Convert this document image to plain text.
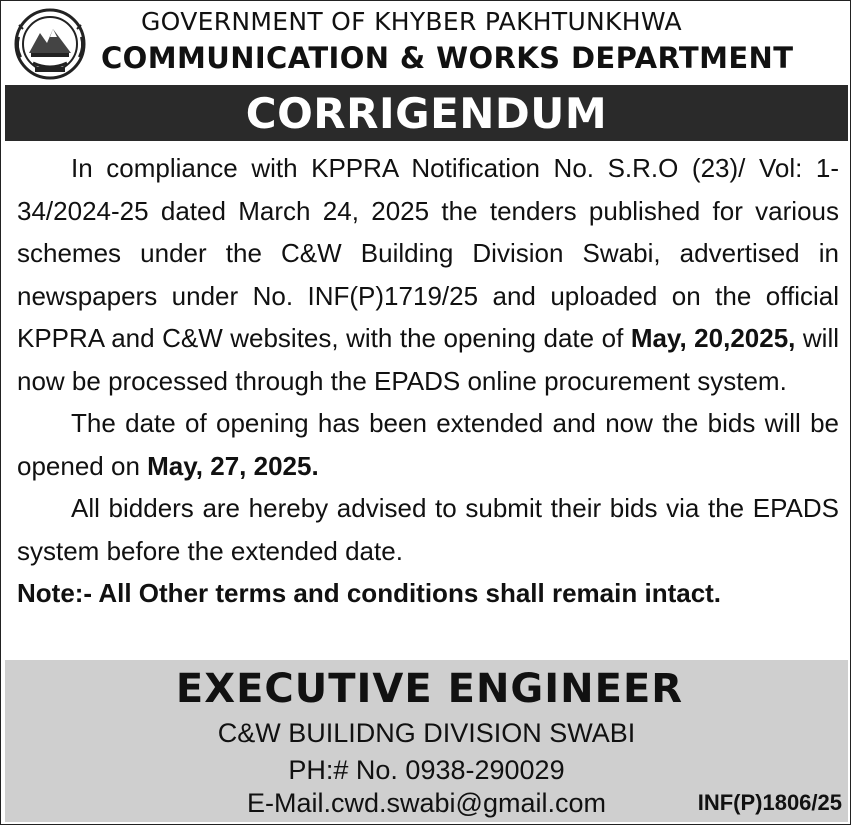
GOVERNMENT OF KHYBER PAKHTUNKHWA
COMMUNICATION & WORKS DEPARTMENT
CORRIGENDUM

In compliance with KPPRA Notification No. S.R.O (23)/ Vol: 1-34/2024-25 dated March 24, 2025 the tenders published for various schemes under the C&W Building Division Swabi, advertised in newspapers under No. INF(P)1719/25 and uploaded on the official KPPRA and C&W websites, with the opening date of May, 20,2025, will now be processed through the EPADS online procurement system.

The date of opening has been extended and now the bids will be opened on May, 27, 2025.

All bidders are hereby advised to submit their bids via the EPADS system before the extended date.

Note:- All Other terms and conditions shall remain intact.

EXECUTIVE ENGINEER
C&W BUILIDNG DIVISION SWABI
PH:# No. 0938-290029
E-Mail.cwd.swabi@gmail.com	INF(P)1806/25
